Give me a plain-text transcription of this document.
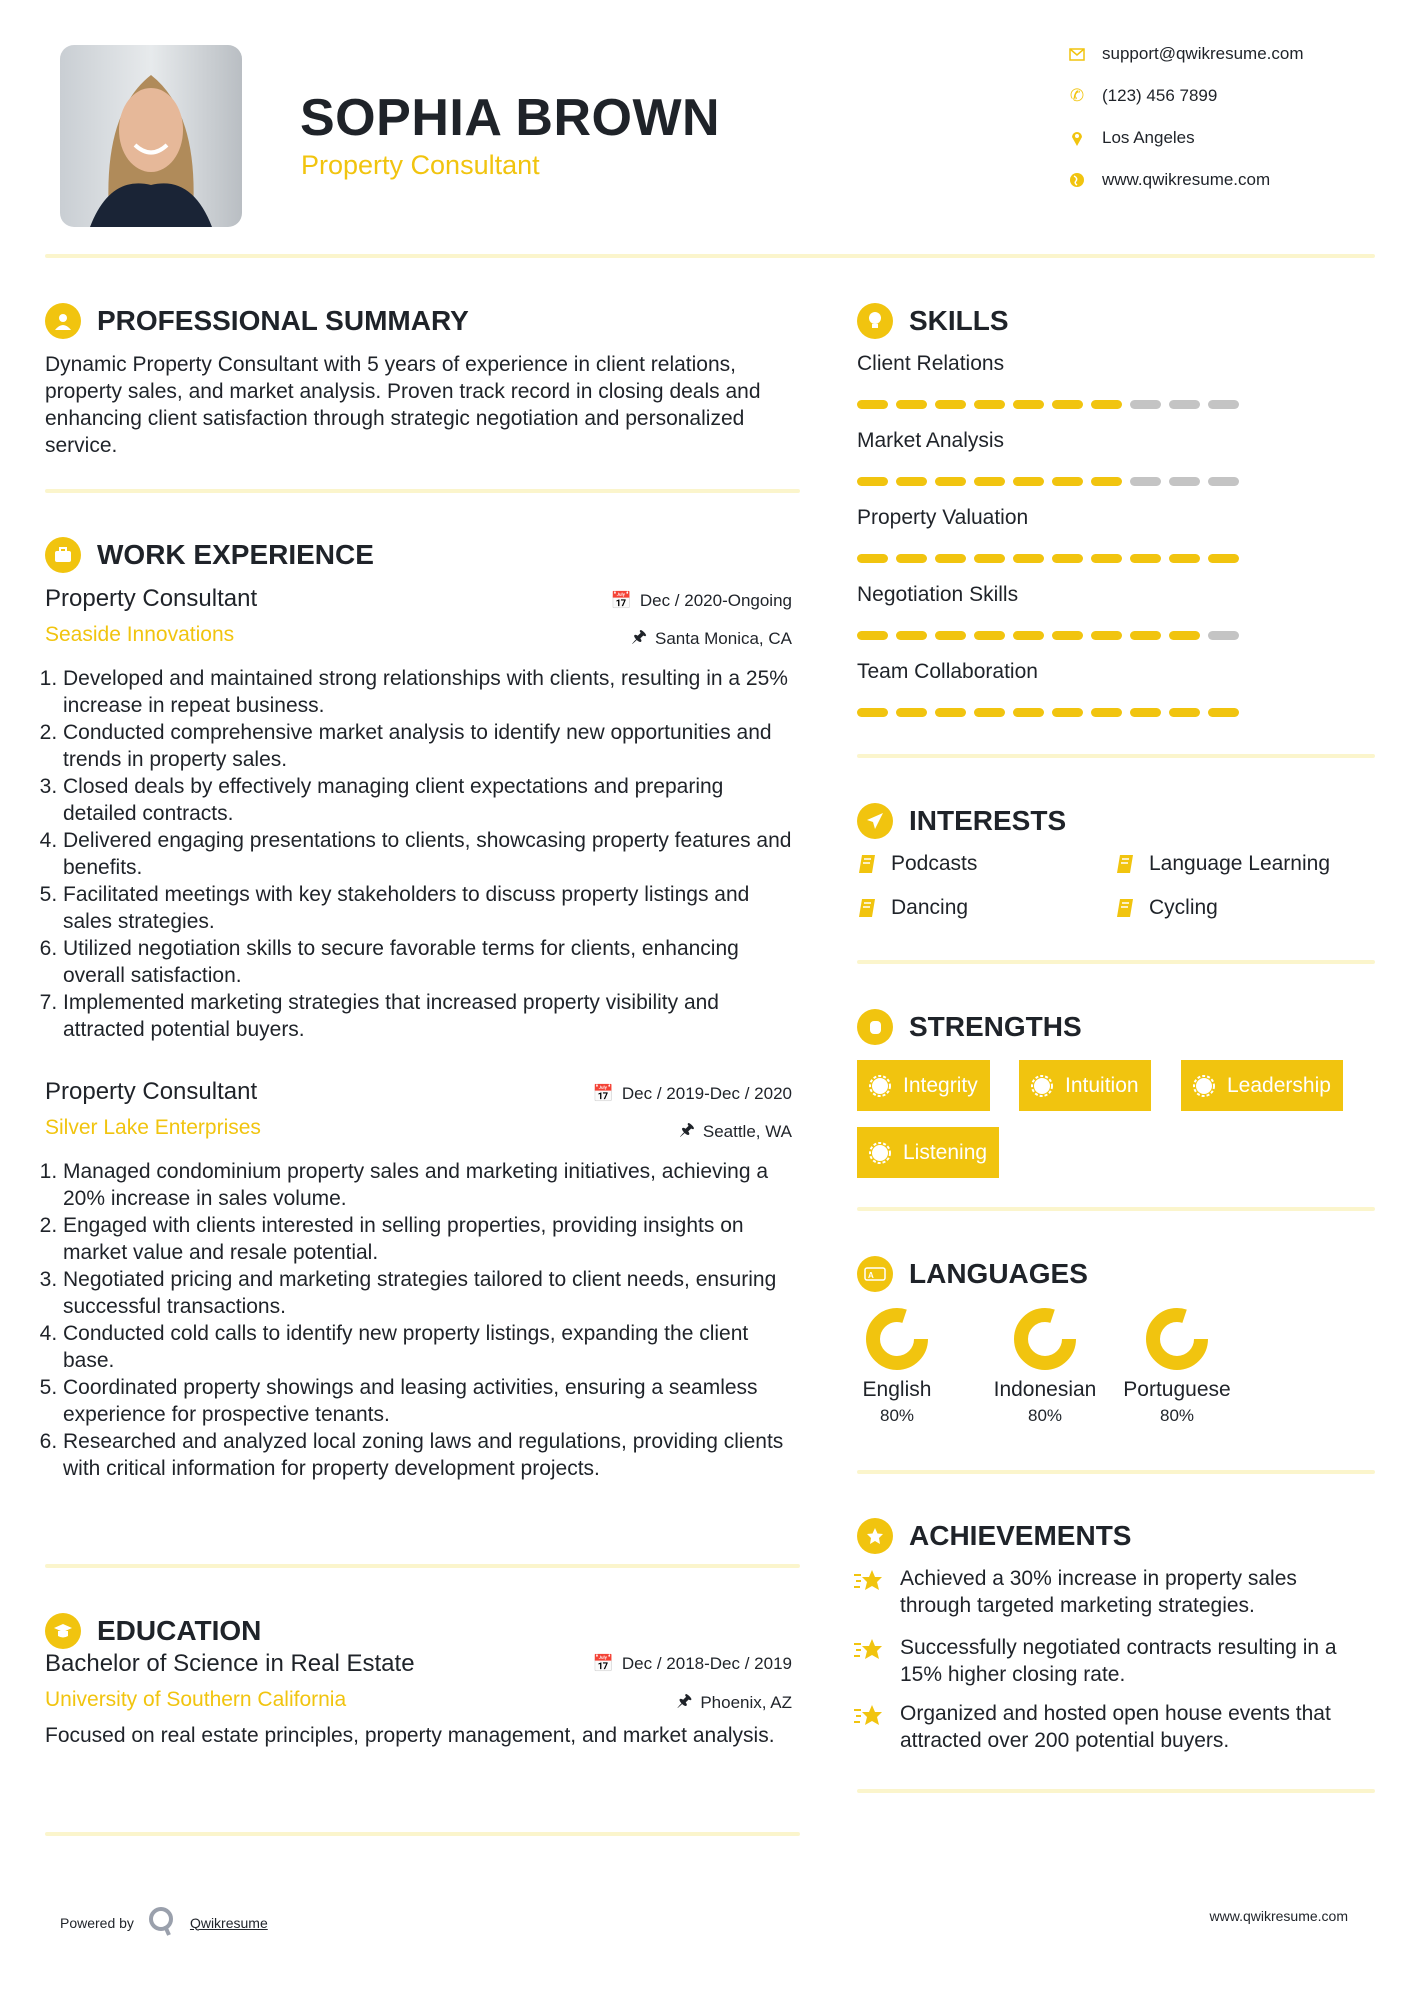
SOPHIA BROWN
Property Consultant
support@qwikresume.com
✆ (123) 456 7899
Los Angeles
www.qwikresume.com
PROFESSIONAL SUMMARY
Dynamic Property Consultant with 5 years of experience in client relations, property sales, and market analysis. Proven track record in closing deals and enhancing client satisfaction through strategic negotiation and personalized service.
WORK EXPERIENCE
EDUCATION
Bachelor of Science in Real Estate	📅 Dec / 2018-Dec / 2019
University of Southern California	🖈 Phoenix, AZ
Focused on real estate principles, property management, and market analysis.
SKILLS
INTERESTS
STRENGTHS
A LANGUAGES
ACHIEVEMENTS
Powered by	Qwikresume	www.qwikresume.com
Property Consultant	📅 Dec / 2020-Ongoing
Seaside Innovations	🖈 Santa Monica, CA
1. Developed and maintained strong relationships with clients, resulting in a 25% increase in repeat business.
2. Conducted comprehensive market analysis to identify new opportunities and trends in property sales.
3. Closed deals by effectively managing client expectations and preparing detailed contracts.
4. Delivered engaging presentations to clients, showcasing property features and benefits.
5. Facilitated meetings with key stakeholders to discuss property listings and sales strategies.
6. Utilized negotiation skills to secure favorable terms for clients, enhancing overall satisfaction.
7. Implemented marketing strategies that increased property visibility and attracted potential buyers.
Property Consultant	📅 Dec / 2019-Dec / 2020
Silver Lake Enterprises	🖈 Seattle, WA
1. Managed condominium property sales and marketing initiatives, achieving a 20% increase in sales volume.
2. Engaged with clients interested in selling properties, providing insights on market value and resale potential.
3. Negotiated pricing and marketing strategies tailored to client needs, ensuring successful transactions.
4. Conducted cold calls to identify new property listings, expanding the client base.
5. Coordinated property showings and leasing activities, ensuring a seamless experience for prospective tenants.
6. Researched and analyzed local zoning laws and regulations, providing clients with critical information for property development projects.
Client Relations
Market Analysis
Property Valuation
Negotiation Skills
Team Collaboration
Podcasts	Language Learning
Dancing	Cycling
Integrity	Intuition	Leadership
Listening
English
80%
Indonesian
80%
Portuguese
80%
Achieved a 30% increase in property sales through targeted marketing strategies.
Successfully negotiated contracts resulting in a 15% higher closing rate.
Organized and hosted open house events that attracted over 200 potential buyers.
